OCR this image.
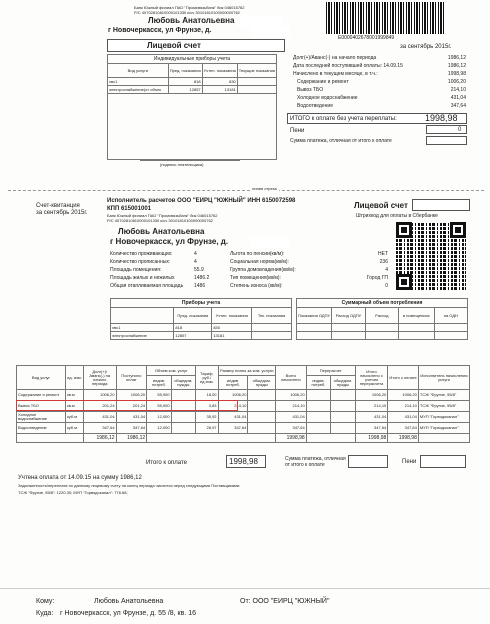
Банк Южный филиал ПАО "Промсвязьбанк" бик 046015762
Р/С 40702810810000101330 к/сч 30101810100000000762
Любовь Анатольевна
г Новочеркасск, ул Фрунзе, д.
E0000402678001999849
Лицевой счет	за сентябрь 2015г.
Индивидуальные приборы учета			
Вид услуги	Пред. показания	Учтен. показания	Текущие показания
хвс1	818	830	
электроснабжение(от объек	12857	13181	

(подпись плательщика)
Долг(+)/Аванс(-) на начало периода	1986,12
Дата последней поступившей оплаты: 14.09.15	1986,12
Начислено в текущем месяце, в т.ч.:	1998,98
Содержание и ремонт	1006,20
Вывоз ТБО	214,10
Холодное водоснабжение	431,04
Водоотведение	347,64
ИТОГО к оплате без учета переплаты:	1998,98
Пени	0
Сумма платежа, отличная от итого к оплате
линия отреза
Счет-квитанция
за сентябрь 2015г.
Исполнитель расчетов ООО "ЕИРЦ "ЮЖНЫЙ" ИНН 6150072598
КПП 615001001
Банк Южный филиал ПАО "Промсвязьбанк" бик 046015762
Р/С 40702810810000101330 к/сч 30101810100000000762
Лицевой счет
Штрихкод для оплаты в Сбербанке
Любовь Анатольевна
г Новочеркасск, ул Фрунзе, д.
Количество проживающих:	4
Количество прописанных:	4
Площадь помещения:	55.9
Площадь жилых и нежилых	1486.2
Общая отапливаемая площадь 1486
Льгота по пенсии(кв/м):	НЕТ
Социальная норма(кв/м):	236
Группа домовладения(кв/м):	4
Тип помещения(кв/м):	Город ГП
Степень износа (кв/м):	0
Приборы учета			
	Пред. показания	Учтен. показания	Тек. показания
хвс1	818	830	
электроснабжение	12857	13181	
Суммарный объем потребления				
Показания ОДПУ	Расход ОДПУ	Расход	в помещениях	на ОДН

Вид услуг	ед. изм.	Долг(+)/Аванс(-) на начало периода	Поступило оплат	Объем ком. услуг		Тариф, руб./ед.изм.	Размер платы за ком. услуги		Всего начислено	Перерасчет		Итого начислено с учетом перерасчета	Итого к оплате	Исполнитель начисления услуги
				индив. потреб.	общедом. нужды		индив. потреб.	общедом. нужды		индив. потреб.	общедом. нужды			
Содержание и ремонт	кв.м	1006,20	1006,20	55,900		18,00	1006,20		1006,20			1006,20	1006,20	ТСЖ "Фрунзе, 55/8"
Вывоз ТБО	кв.м	201,24	201,24	55,900		3,83	214,10		214,10			214,10	214,10	ТСЖ "Фрунзе, 55/8"
Холодное водоснабжение	куб.м	431,04	431,04	12,000		35,92	431,04		431,04			431,04	431,04	МУП "Горводоканал"
Водоотведение	куб.м	347,64	347,64	12,000		28,97	347,64		347,64			347,64	347,64	МУП "Горводоканал"
		1986,12	1986,12						1998,98			1998,98	1998,98	
Итого к оплате	1998,98	Сумма платежа, отличная от итого к оплате	Пени
Учтена оплата от 14.09.15 на сумму 1986,12
Задолженность/переплата по данному лицевому счету на конец периода числится перед следующими Поставщиками:
ТСЖ "Фрунзе, 55/8": 1220.30; МУП "Горводоканал": 778.68;
Кому:	Любовь Анатольевна
Куда: г Новочеркасск, ул Фрунзе, д. 55 /8, кв. 16
От: ООО "ЕИРЦ "ЮЖНЫЙ"
